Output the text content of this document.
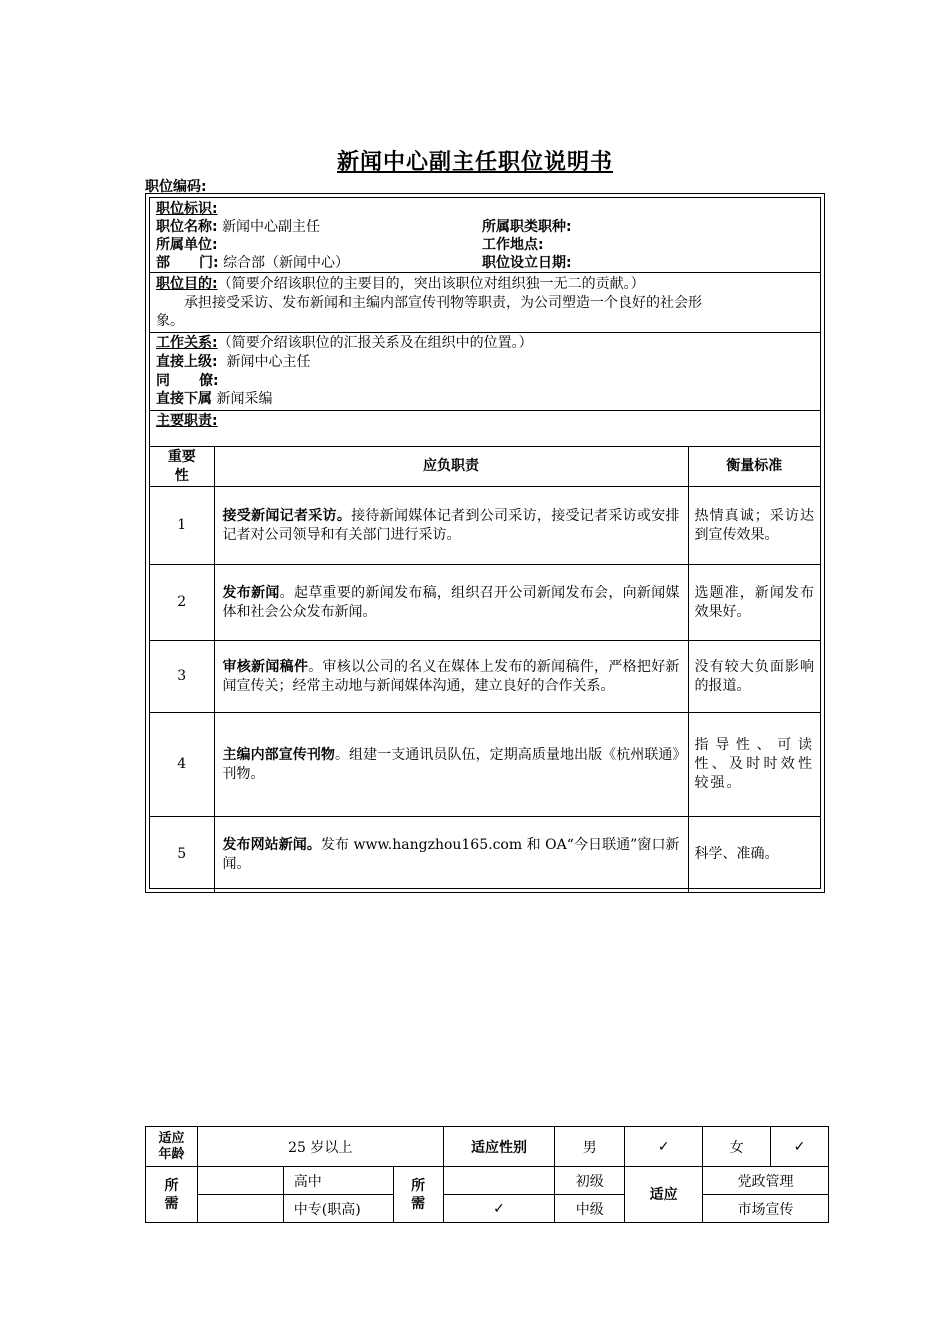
新闻中心副主任职位说明书
职位编码:
职位标识:
职位名称: 新闻中心副主任	所属职类职种:
所属单位:	工作地点:
部 门: 综合部（新闻中心）	职位设立日期:
职位目的:（简要介绍该职位的主要目的，突出该职位对组织独一无二的贡献。）
承担接受采访、发布新闻和主编内部宣传刊物等职责，为公司塑造一个良好的社会形
象。
工作关系:（简要介绍该职位的汇报关系及在组织中的位置。）
直接上级: 新闻中心主任
同 僚:
直接下属 新闻采编
主要职责:
重要性	应负职责	衡量标准
1	接受新闻记者采访。接待新闻媒体记者到公司采访，接受记者采访或安排记者对公司领导和有关部门进行采访。	热情真诚；采访达到宣传效果。
2	发布新闻。起草重要的新闻发布稿，组织召开公司新闻发布会，向新闻媒体和社会公众发布新闻。	选题准，新闻发布效果好。
3	审核新闻稿件。审核以公司的名义在媒体上发布的新闻稿件，严格把好新闻宣传关；经常主动地与新闻媒体沟通，建立良好的合作关系。	没有较大负面影响的报道。
4	主编内部宣传刊物。组建一支通讯员队伍，定期高质量地出版《杭州联通》刊物。	指导性、可读性、及时时效性较强。
5	发布网站新闻。发布 www.hangzhou165.com 和 OA“今日联通”窗口新闻。	科学、准确。
适应年龄	25 岁以上			适应性别	男	✓	女	✓
所需		高中	所需		初级	适应	党政管理	
		中专(职高)		✓	中级		市场宣传	
